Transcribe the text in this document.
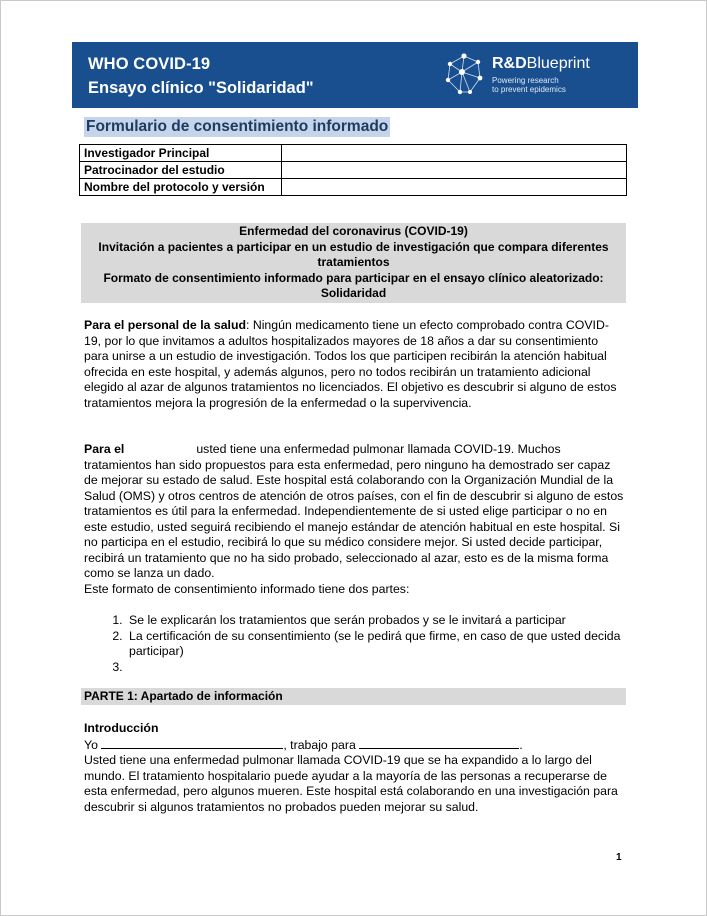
WHO COVID-19
Ensayo clínico "Solidaridad"
R&DBlueprint
Powering research
to prevent epidemics
Formulario de consentimiento informado
Investigador Principal	
Patrocinador del estudio	
Nombre del protocolo y versión	
Enfermedad del coronavirus (COVID-19)
Invitación a pacientes a participar en un estudio de investigación que compara diferentes tratamientos
Formato de consentimiento informado para participar en el ensayo clínico aleatorizado: Solidaridad
Para el personal de la salud: Ningún medicamento tiene un efecto comprobado contra COVID-19, por lo que invitamos a adultos hospitalizados mayores de 18 años a dar su consentimiento para unirse a un estudio de investigación. Todos los que participen recibirán la atención habitual ofrecida en este hospital, y además algunos, pero no todos recibirán un tratamiento adicional elegido al azar de algunos tratamientos no licenciados. El objetivo es descubrir si alguno de estos tratamientos mejora la progresión de la enfermedad o la supervivencia.
Para el	usted tiene una enfermedad pulmonar llamada COVID-19. Muchos tratamientos han sido propuestos para esta enfermedad, pero ninguno ha demostrado ser capaz de mejorar su estado de salud. Este hospital está colaborando con la Organización Mundial de la Salud (OMS) y otros centros de atención de otros países, con el fin de descubrir si alguno de estos tratamientos es útil para la enfermedad. Independientemente de si usted elige participar o no en este estudio, usted seguirá recibiendo el manejo estándar de atención habitual en este hospital. Si no participa en el estudio, recibirá lo que su médico considere mejor. Si usted decide participar, recibirá un tratamiento que no ha sido probado, seleccionado al azar, esto es de la misma forma como se lanza un dado.
Este formato de consentimiento informado tiene dos partes:
1. Se le explicarán los tratamientos que serán probados y se le invitará a participar
2. La certificación de su consentimiento (se le pedirá que firme, en caso de que usted decida participar)
3.
PARTE 1: Apartado de información
Introducción
Yo	, trabajo para	.
Usted tiene una enfermedad pulmonar llamada COVID-19 que se ha expandido a lo largo del mundo. El tratamiento hospitalario puede ayudar a la mayoría de las personas a recuperarse de esta enfermedad, pero algunos mueren. Este hospital está colaborando en una investigación para descubrir si algunos tratamientos no probados pueden mejorar su salud.
1
